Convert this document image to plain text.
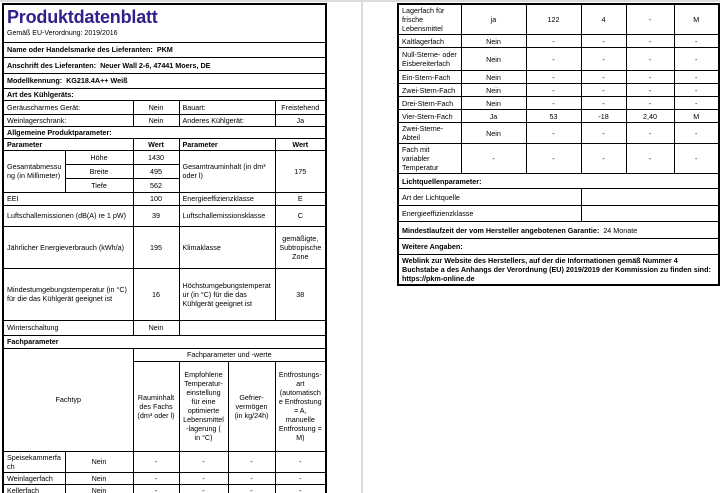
Produktdatenblatt
Gemäß EU-Verordnung: 2019/2016					

Name oder Handelsmarke des Lieferanten: PKM					
Anschrift des Lieferanten: Neuer Wall 2-6, 47441 Moers, DE					
Modellkennung: KG218.4A++ Weiß					
Art des Kühlgeräts:					
Geräuscharmes Gerät:		Nein	Bauart:		Freistehend
Weinlagerschrank:		Nein	Anderes Kühlgerät:		Ja
Allgemeine Produktparameter:					
Parameter		Wert	Parameter		Wert
Gesamtabmessung (in Millimeter)	Höhe	1430	Gesamtrauminhalt (in dm³ oder l)		175
	Breite	495			
	Tiefe	562			
EEI		100	Energieeffizienzklasse		E
Luftschallemissionen (dB(A) re 1 pW)		39	Luftschallemissionsklasse		C
Jährlicher Energieverbrauch (kWh/a)		195	Klimaklasse		gemäßigte, Subtropische Zone
Mindestumgebungstemperatur (in °C) für die das Kühlgerät geeignet ist		16	Höchstumgebungstemperatur (in °C) für die das Kühlgerät geeignet ist		38
Winterschaltung		Nein			
Fachparameter					
Fachtyp		Fachparameter und -werte			
		Rauminhalt des Fachs (dm³ oder l)	Empfohlene Temperatur-einstellung für eine optimierte Lebensmittel-lagerung ( in °C)	Gefrier-vermögen (in kg/24h)	Entfrostungs-art (automatische Entfrostung = A, manuelle Entfrostung = M)
Speisekammerfach	Nein	-	-	-	-
Weinlagerfach	Nein	-	-	-	-
Kellerfach	Nein	-	-	-	-
Lagerfach für frische Lebensmittel	ja	122	4	-	M
Kaltlagerfach	Nein	-	-	-	-
Null-Sterne- oder Eisbereiterfach	Nein	-	-	-	-
Ein-Stern-Fach	Nein	-	-	-	-
Zwei-Stern-Fach	Nein	-	-	-	-
Drei-Stern-Fach	Nein	-	-	-	-
Vier-Stern-Fach	Ja	53	-18	2,40	M
Zwei-Sterne-Abteil	Nein	-	-	-	-
Fach mit variabler Temperatur	-	-	-	-	-
Lichtquellenparameter:					
Art der Lichtquelle					
Energieeffizienzklasse					
Mindestlaufzeit der vom Hersteller angebotenen Garantie: 24 Monate					
Weitere Angaben:					
Weblink zur Website des Herstellers, auf der die Informationen gemäß Nummer 4 Buchstabe a des Anhangs der Verordnung (EU) 2019/2019 der Kommission zu finden sind: https://pkm-online.de					
